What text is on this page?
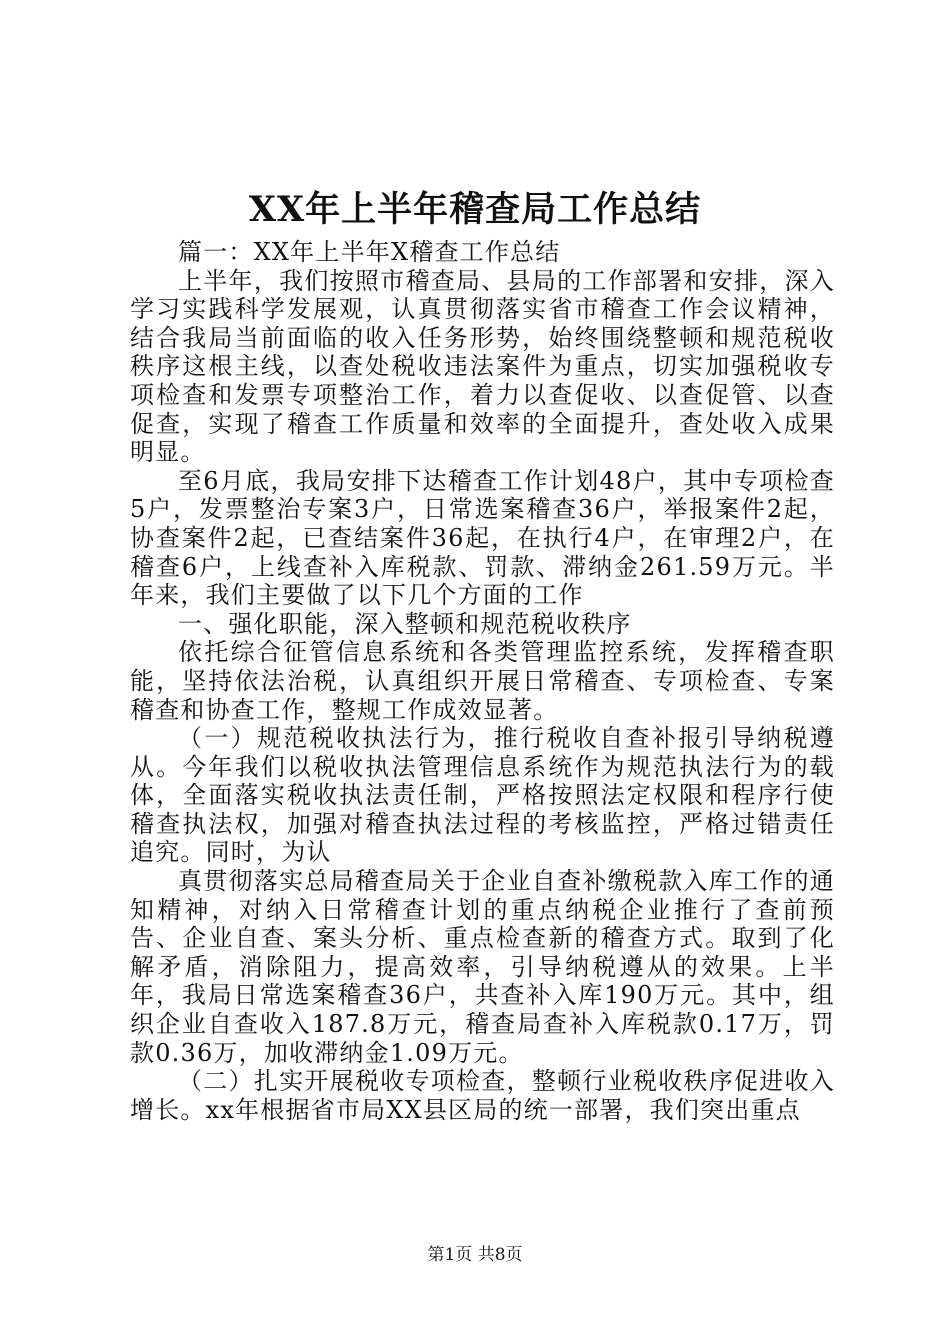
XX年上半年稽查局工作总结

篇一：XX年上半年X稽查工作总结

上半年，我们按照市稽查局、县局的工作部署和安排，深入学习实践科学发展观，认真贯彻落实省市稽查工作会议精神，结合我局当前面临的收入任务形势，始终围绕整顿和规范税收秩序这根主线，以查处税收违法案件为重点，切实加强税收专项检查和发票专项整治工作，着力以查促收、以查促管、以查促查，实现了稽查工作质量和效率的全面提升，查处收入成果明显。

至6月底，我局安排下达稽查工作计划48户，其中专项检查5户，发票整治专案3户，日常选案稽查36户，举报案件2起，协查案件2起，已查结案件36起，在执行4户，在审理2户，在稽查6户，上线查补入库税款、罚款、滞纳金261.59万元。半年来，我们主要做了以下几个方面的工作

一、强化职能，深入整顿和规范税收秩序

依托综合征管信息系统和各类管理监控系统，发挥稽查职能，坚持依法治税，认真组织开展日常稽查、专项检查、专案稽查和协查工作，整规工作成效显著。

（一）规范税收执法行为，推行税收自查补报引导纳税遵从。今年我们以税收执法管理信息系统作为规范执法行为的载体，全面落实税收执法责任制，严格按照法定权限和程序行使稽查执法权，加强对稽查执法过程的考核监控，严格过错责任追究。同时，为认

真贯彻落实总局稽查局关于企业自查补缴税款入库工作的通知精神，对纳入日常稽查计划的重点纳税企业推行了查前预告、企业自查、案头分析、重点检查新的稽查方式。取到了化解矛盾，消除阻力，提高效率，引导纳税遵从的效果。上半年，我局日常选案稽查36户，共查补入库190万元。其中，组织企业自查收入187.8万元，稽查局查补入库税款0.17万，罚款0.36万，加收滞纳金1.09万元。

（二）扎实开展税收专项检查，整顿行业税收秩序促进收入增长。xx年根据省市局XX县区局的统一部署，我们突出重点

第1页 共8页
